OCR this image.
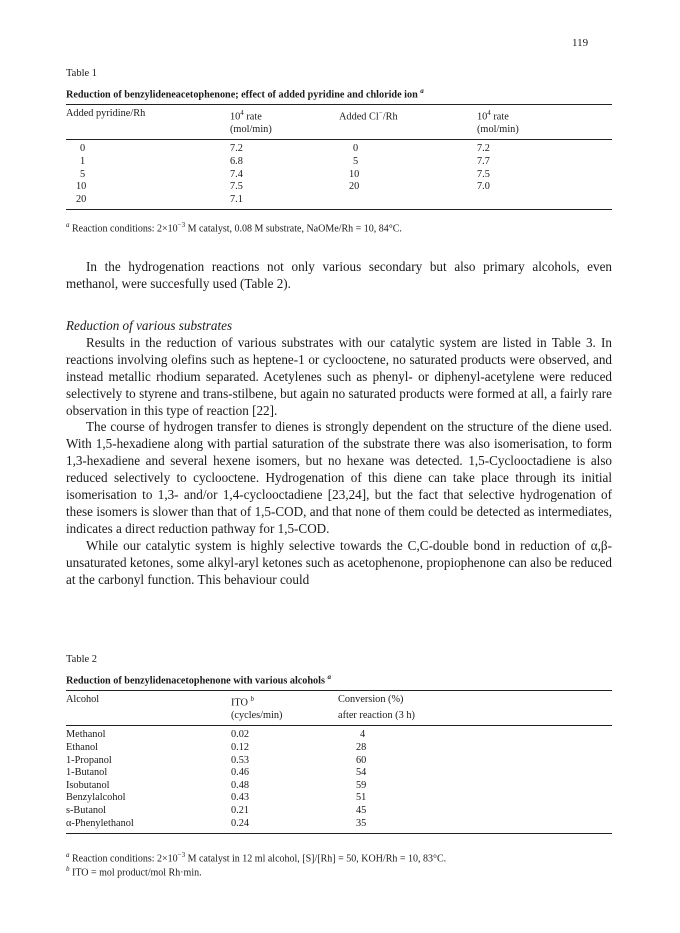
119
Table 1
Reduction of benzylideneacetophenone; effect of added pyridine and chloride ion $^a$
Added pyridine/Rh	$10^4$ rate	Added Cl−/Rh	$10^4$ rate
	(mol/min)		(mol/min)
0	7.2	0	7.2
1	6.8	5	7.7
5	7.4	10	7.5
10	7.5	20	7.0
20	7.1		
$^a$ Reaction conditions: $2\times 10^{-3}$ M catalyst, 0.08 M substrate, NaOMe/Rh = 10, 84°C.

In the hydrogenation reactions not only various secondary but also primary alcohols, even methanol, were succesfully used (Table 2).

Reduction of various substrates

Results in the reduction of various substrates with our catalytic system are listed in Table 3. In reactions involving olefins such as heptene-1 or cyclooctene, no saturated products were observed, and instead metallic rhodium separated. Acetylenes such as phenyl- or diphenyl-acetylene were reduced selectively to styrene and trans-stilbene, but again no saturated products were formed at all, a fairly rare observation in this type of reaction [22].

The course of hydrogen transfer to dienes is strongly dependent on the structure of the diene used. With 1,5-hexadiene along with partial saturation of the substrate there was also isomerisation, to form 1,3-hexadiene and several hexene isomers, but no hexane was detected. 1,5-Cyclooctadiene is also reduced selectively to cyclooctene. Hydrogenation of this diene can take place through its initial isomerisation to 1,3- and/or 1,4-cyclooctadiene [23,24], but the fact that selective hydrogenation of these isomers is slower than that of 1,5-COD, and that none of them could be detected as intermediates, indicates a direct reduction pathway for 1,5-COD.

While our catalytic system is highly selective towards the C,C-double bond in reduction of α,β-unsaturated ketones, some alkyl-aryl ketones such as acetophenone, propiophenone can also be reduced at the carbonyl function. This behaviour could

Table 2
Reduction of benzylidenacetophenone with various alcohols $^a$
Alcohol	ITO $^b$	Conversion (%)
	(cycles/min)	after reaction (3 h)
Methanol	0.02	4
Ethanol	0.12	28
1-Propanol	0.53	60
1-Butanol	0.46	54
Isobutanol	0.48	59
Benzylalcohol	0.43	51
s-Butanol	0.21	45
α-Phenylethanol	0.24	35
$^a$ Reaction conditions: $2\times 10^{-3}$ M catalyst in 12 ml alcohol, [S]/[Rh] = 50, KOH/Rh = 10, 83°C.
$^b$ ITO = mol product/mol Rh·min.
